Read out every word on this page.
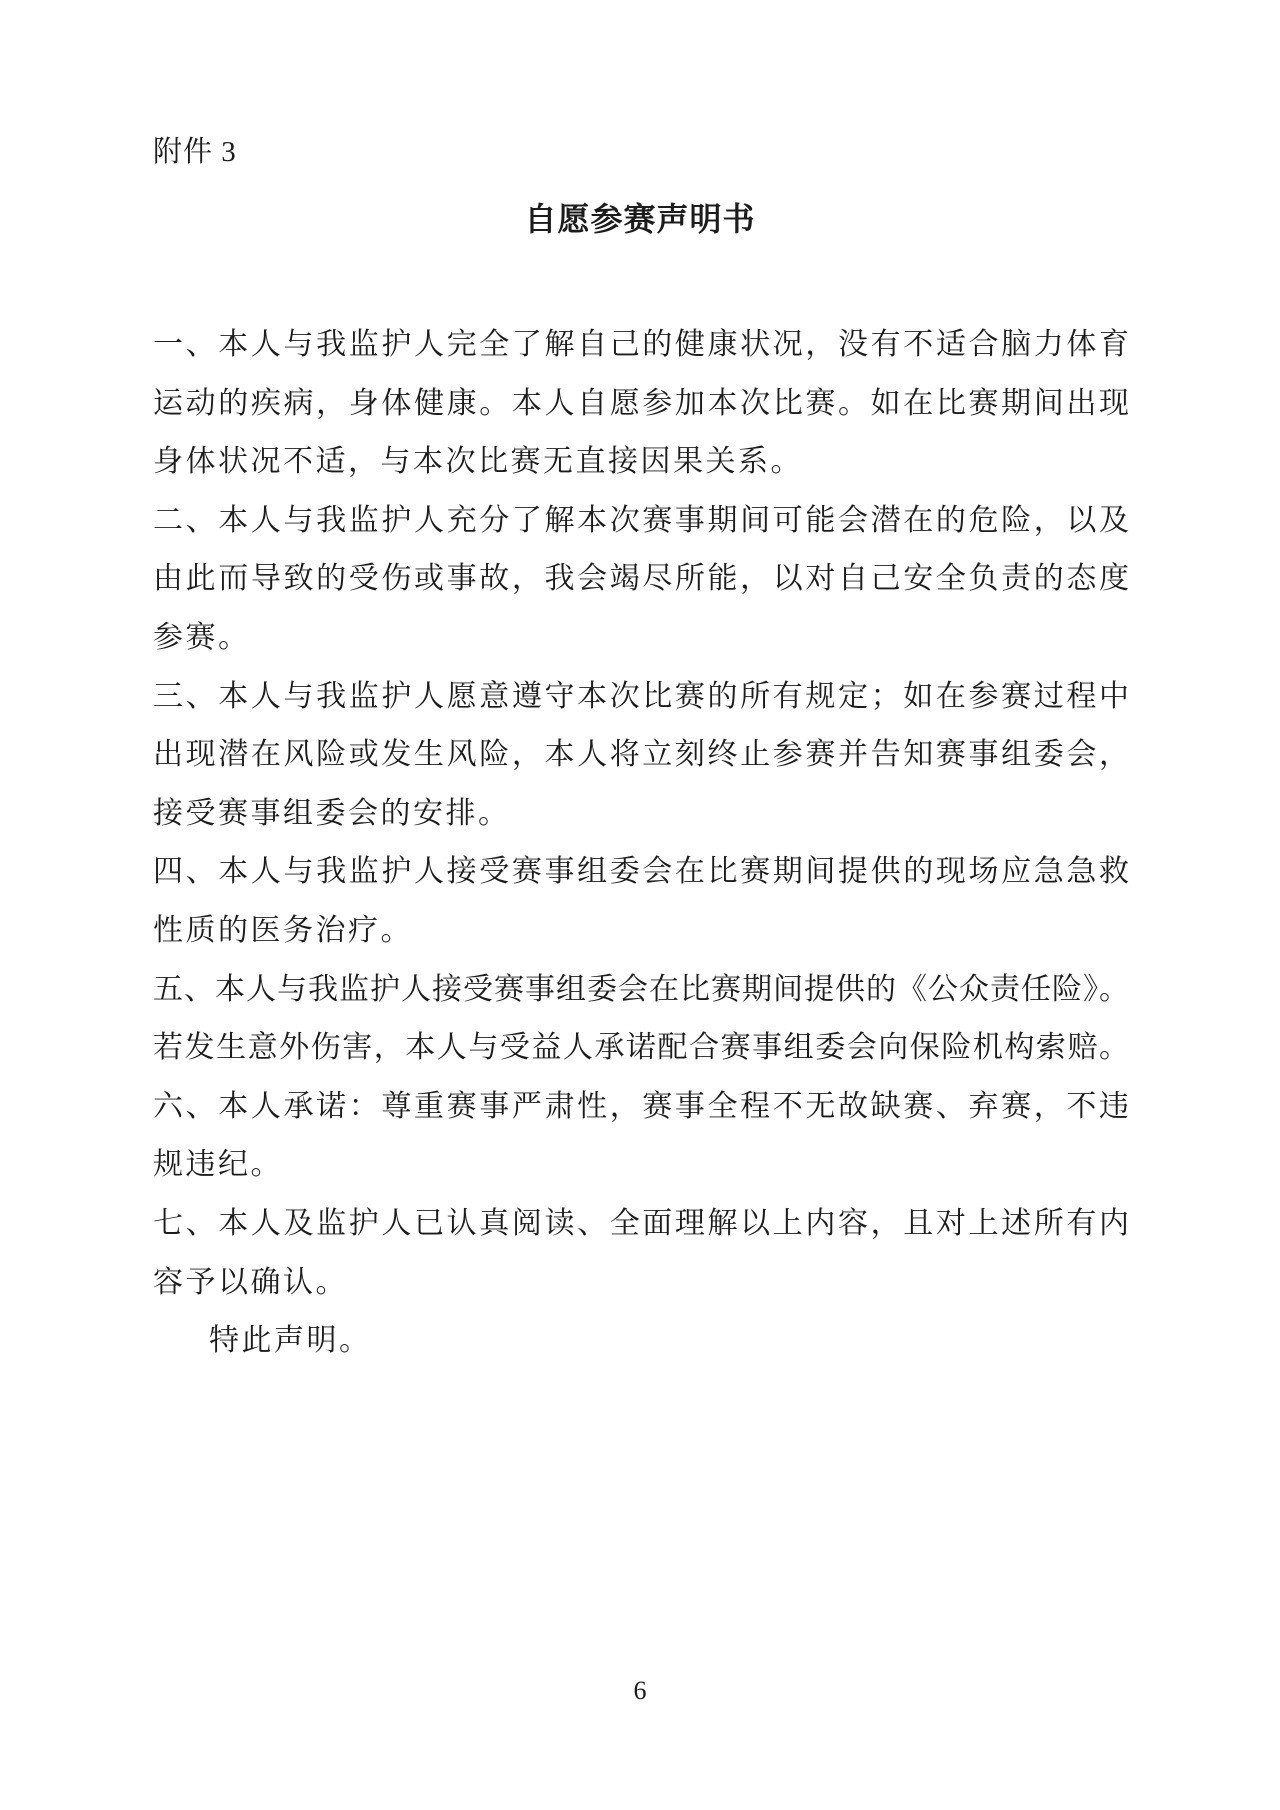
附件 3
自愿参赛声明书
一、本人与我监护人完全了解自己的健康状况，没有不适合脑力体育
运动的疾病，身体健康。本人自愿参加本次比赛。如在比赛期间出现
身体状况不适，与本次比赛无直接因果关系。
二、本人与我监护人充分了解本次赛事期间可能会潜在的危险，以及
由此而导致的受伤或事故，我会竭尽所能，以对自己安全负责的态度
参赛。
三、本人与我监护人愿意遵守本次比赛的所有规定；如在参赛过程中
出现潜在风险或发生风险，本人将立刻终止参赛并告知赛事组委会，
接受赛事组委会的安排。
四、本人与我监护人接受赛事组委会在比赛期间提供的现场应急急救
性质的医务治疗。
五、本人与我监护人接受赛事组委会在比赛期间提供的《公众责任险》。
若发生意外伤害，本人与受益人承诺配合赛事组委会向保险机构索赔。
六、本人承诺：尊重赛事严肃性，赛事全程不无故缺赛、弃赛，不违
规违纪。
七、本人及监护人已认真阅读、全面理解以上内容，且对上述所有内
容予以确认。
特此声明。
6
